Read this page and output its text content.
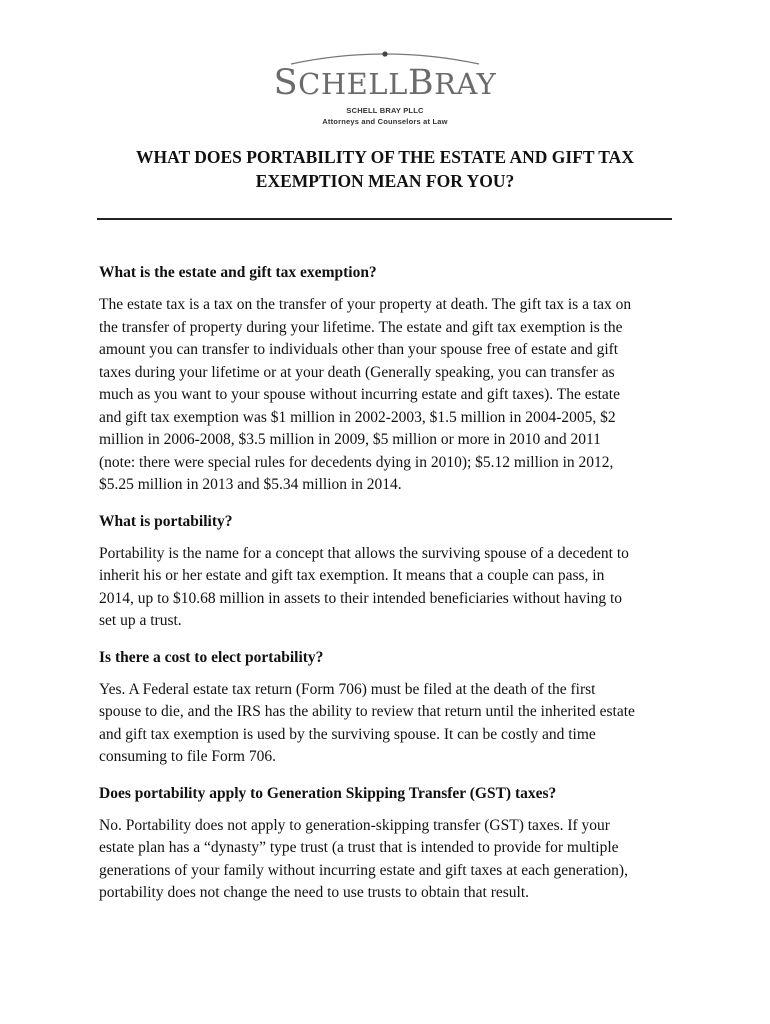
SCHELLBRAY
SCHELL BRAY PLLC
Attorneys and Counselors at Law
WHAT DOES PORTABILITY OF THE ESTATE AND GIFT TAX
EXEMPTION MEAN FOR YOU?

What is the estate and gift tax exemption?

The estate tax is a tax on the transfer of your property at death. The gift tax is a tax on
the transfer of property during your lifetime. The estate and gift tax exemption is the
amount you can transfer to individuals other than your spouse free of estate and gift
taxes during your lifetime or at your death (Generally speaking, you can transfer as
much as you want to your spouse without incurring estate and gift taxes). The estate
and gift tax exemption was $1 million in 2002-2003, $1.5 million in 2004-2005, $2
million in 2006-2008, $3.5 million in 2009, $5 million or more in 2010 and 2011
(note: there were special rules for decedents dying in 2010); $5.12 million in 2012,
$5.25 million in 2013 and $5.34 million in 2014.

What is portability?

Portability is the name for a concept that allows the surviving spouse of a decedent to
inherit his or her estate and gift tax exemption. It means that a couple can pass, in
2014, up to $10.68 million in assets to their intended beneficiaries without having to
set up a trust.

Is there a cost to elect portability?

Yes. A Federal estate tax return (Form 706) must be filed at the death of the first
spouse to die, and the IRS has the ability to review that return until the inherited estate
and gift tax exemption is used by the surviving spouse. It can be costly and time
consuming to file Form 706.

Does portability apply to Generation Skipping Transfer (GST) taxes?

No. Portability does not apply to generation-skipping transfer (GST) taxes. If your
estate plan has a “dynasty” type trust (a trust that is intended to provide for multiple
generations of your family without incurring estate and gift taxes at each generation),
portability does not change the need to use trusts to obtain that result.
